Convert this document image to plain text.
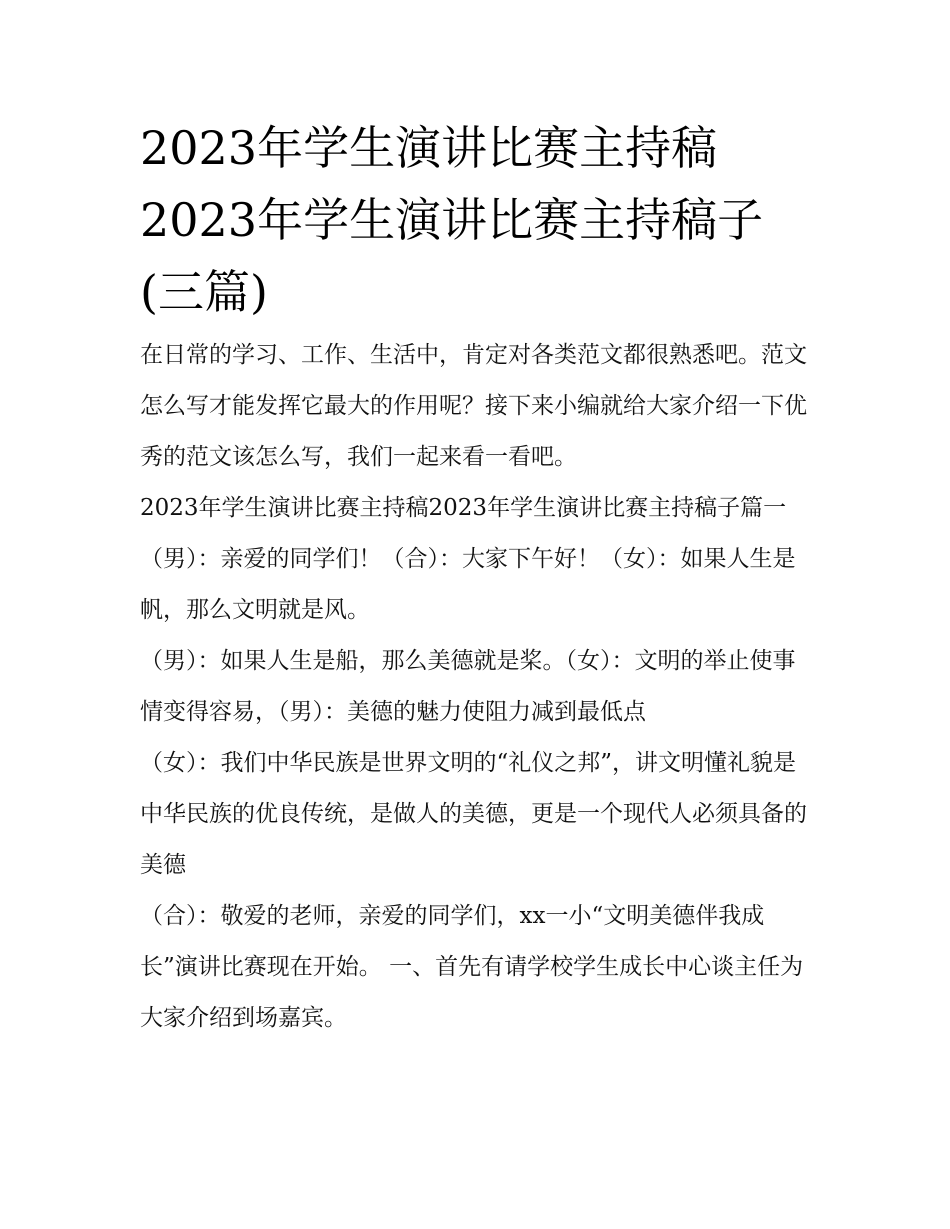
2023年学生演讲比赛主持稿2023年学生演讲比赛主持稿子(三篇)

在日常的学习、工作、生活中，肯定对各类范文都很熟悉吧。范文怎么写才能发挥它最大的作用呢？接下来小编就给大家介绍一下优秀的范文该怎么写，我们一起来看一看吧。

2023年学生演讲比赛主持稿2023年学生演讲比赛主持稿子篇一（男）：亲爱的同学们！（合）：大家下午好！（女）：如果人生是帆，那么文明就是风。

（男）：如果人生是船，那么美德就是桨。（女）：文明的举止使事情变得容易，（男）：美德的魅力使阻力减到最低点

（女）：我们中华民族是世界文明的“礼仪之邦”，讲文明懂礼貌是中华民族的优良传统，是做人的美德，更是一个现代人必须具备的美德

（合）：敬爱的老师，亲爱的同学们，xx一小“文明美德伴我成长”演讲比赛现在开始。 一、首先有请学校学生成长中心谈主任为大家介绍到场嘉宾。
